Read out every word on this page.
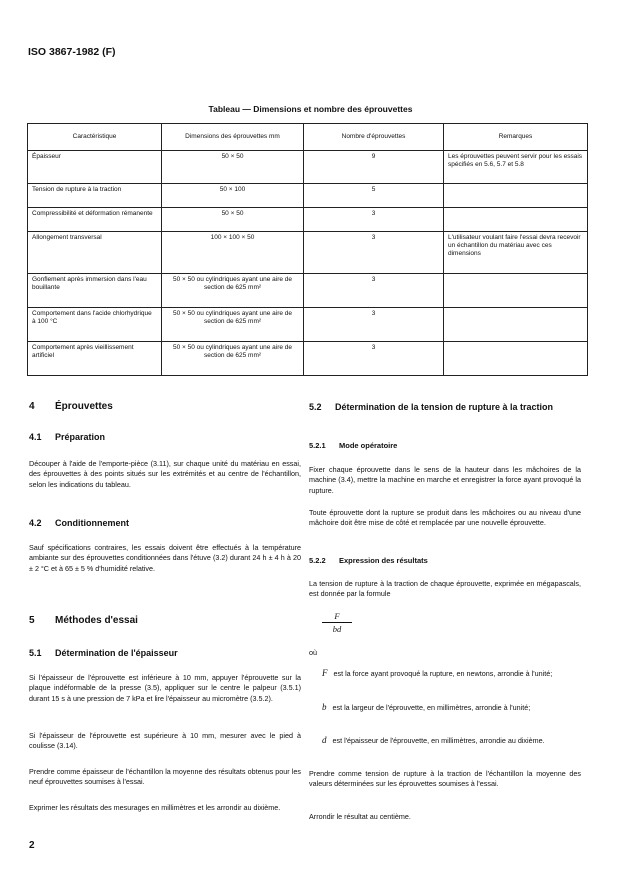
ISO 3867-1982 (F)
Tableau — Dimensions et nombre des éprouvettes
Caractéristique	Dimensions des éprouvettes mm	Nombre d'éprouvettes	Remarques
Épaisseur	50 × 50	9	Les éprouvettes peuvent servir pour les essais spécifiés en 5.6, 5.7 et 5.8
Tension de rupture à la traction	50 × 100	5	
Compressibilité et déformation rémanente	50 × 50	3	
Allongement transversal	100 × 100 × 50	3	L'utilisateur voulant faire l'essai devra recevoir un échantillon du matériau avec ces dimensions
Gonflement après immersion dans l'eau bouillante	50 × 50 ou cylindriques ayant une aire de section de 625 mm²	3	
Comportement dans l'acide chlorhydrique à 100 °C	50 × 50 ou cylindriques ayant une aire de section de 625 mm²	3	
Comportement après vieillissement artificiel	50 × 50 ou cylindriques ayant une aire de section de 625 mm²	3	
4 Éprouvettes
4.1 Préparation
Découper à l'aide de l'emporte-pièce (3.11), sur chaque unité du matériau en essai, des éprouvettes à des points situés sur les extrémités et au centre de l'échantillon, selon les indications du tableau.
4.2 Conditionnement
Sauf spécifications contraires, les essais doivent être effectués à la température ambiante sur des éprouvettes conditionnées dans l'étuve (3.2) durant 24 h ± 4 h à 20 ± 2 °C et à 65 ± 5 % d'humidité relative.
5 Méthodes d'essai
5.1 Détermination de l'épaisseur
Si l'épaisseur de l'éprouvette est inférieure à 10 mm, appuyer l'éprouvette sur la plaque indéformable de la presse (3.5), appliquer sur le centre le palpeur (3.5.1) durant 15 s à une pression de 7 kPa et lire l'épaisseur au micromètre (3.5.2).
Si l'épaisseur de l'éprouvette est supérieure à 10 mm, mesurer avec le pied à coulisse (3.14).
Prendre comme épaisseur de l'échantillon la moyenne des résultats obtenus pour les neuf éprouvettes soumises à l'essai.
Exprimer les résultats des mesurages en millimètres et les arrondir au dixième.
5.2 Détermination de la tension de rupture à la traction
5.2.1 Mode opératoire
Fixer chaque éprouvette dans le sens de la hauteur dans les mâchoires de la machine (3.4), mettre la machine en marche et enregistrer la force ayant provoqué la rupture.
Toute éprouvette dont la rupture se produit dans les mâchoires ou au niveau d'une mâchoire doit être mise de côté et remplacée par une nouvelle éprouvette.
5.2.2 Expression des résultats
La tension de rupture à la traction de chaque éprouvette, exprimée en mégapascals, est donnée par la formule
F
bd
où
F est la force ayant provoqué la rupture, en newtons, arrondie à l'unité;
b est la largeur de l'éprouvette, en millimètres, arrondie à l'unité;
d est l'épaisseur de l'éprouvette, en millimètres, arrondie au dixième.
Prendre comme tension de rupture à la traction de l'échantillon la moyenne des valeurs déterminées sur les éprouvettes soumises à l'essai.
Arrondir le résultat au centième.
2
